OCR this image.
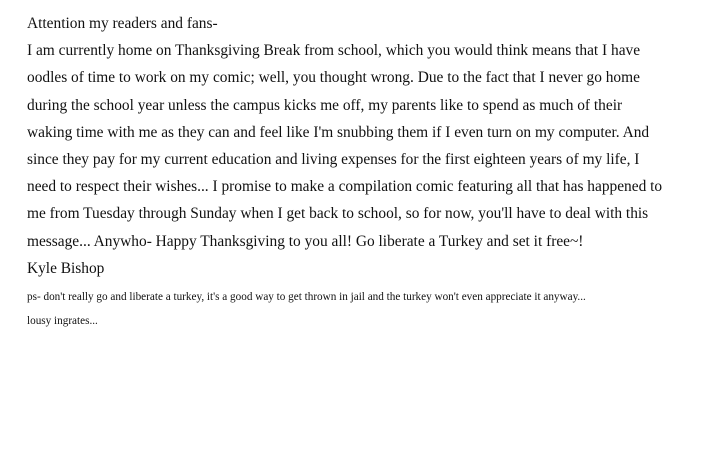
Attention my readers and fans-

I am currently home on Thanksgiving Break from school, which you would think means that I have

oodles of time to work on my comic; well, you thought wrong. Due to the fact that I never go home

during the school year unless the campus kicks me off, my parents like to spend as much of their

waking time with me as they can and feel like I'm snubbing them if I even turn on my computer. And

since they pay for my current education and living expenses for the first eighteen years of my life, I

need to respect their wishes... I promise to make a compilation comic featuring all that has happened to

me from Tuesday through Sunday when I get back to school, so for now, you'll have to deal with this

message... Anywho- Happy Thanksgiving to you all! Go liberate a Turkey and set it free~!

Kyle Bishop

ps- don't really go and liberate a turkey, it's a good way to get thrown in jail and the turkey won't even appreciate it anyway...

lousy ingrates...
